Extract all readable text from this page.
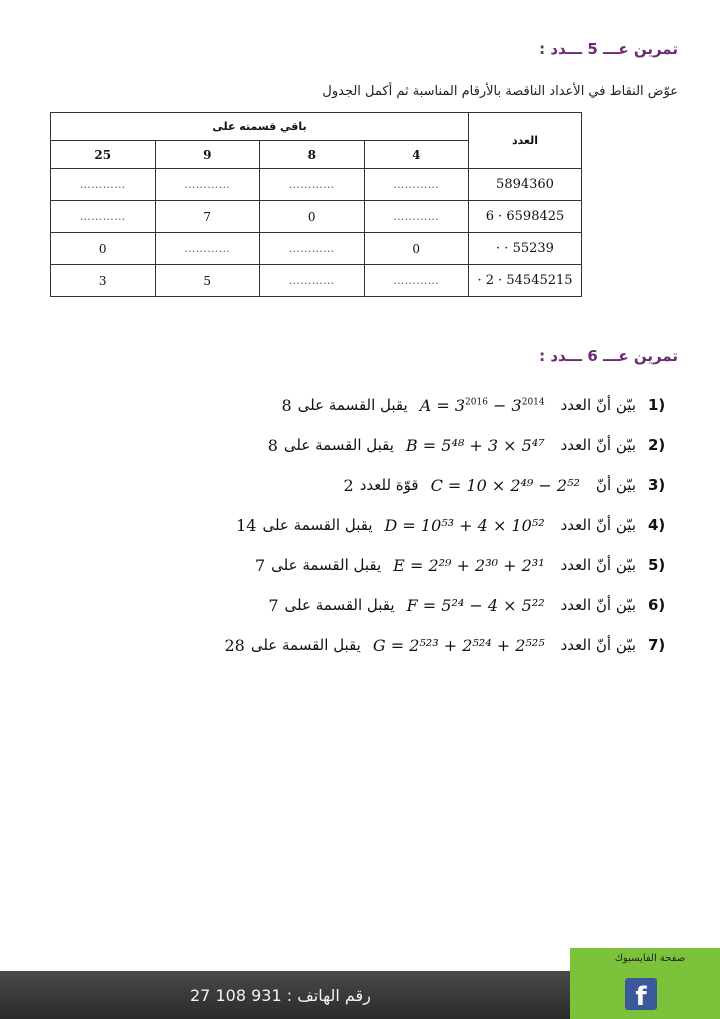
تمرين عـــ 5 ـــدد :
عوّض النقاط في الأعداد الناقصة بالأرقام المناسبة ثم أكمل الجدول
العدد	باقي قسمته على			
	4	8	9	25
5894360	…………	…………	…………	…………
6598425 · 6	…………	0	7	…………
55239 · ·	0	…………	…………	0
54545215 · 2 ·	…………	…………	5	3
تمرين عـــ 6 ـــدد :
1)
بيّن أنّ العدد
$A = 3^{2016} - 3^{2014}$
يقبل القسمة على
8
2)
بيّن أنّ العدد
B = 5⁴⁸ + 3 × 5⁴⁷
يقبل القسمة على
8
3)
بيّن أنّ
C = 10 × 2⁴⁹ − 2⁵²
قوّة للعدد
2
4)
بيّن أنّ العدد
D = 10⁵³ + 4 × 10⁵²
يقبل القسمة على
14
5)
بيّن أنّ العدد
E = 2²⁹ + 2³⁰ + 2³¹
يقبل القسمة على
7
6)
بيّن أنّ العدد
F = 5²⁴ − 4 × 5²²
يقبل القسمة على
7
7)
بيّن أنّ العدد
G = 2⁵²³ + 2⁵²⁴ + 2⁵²⁵
يقبل القسمة على
28
رقم الهاتف : 931 108 27
صفحة الفايسبوك
f
